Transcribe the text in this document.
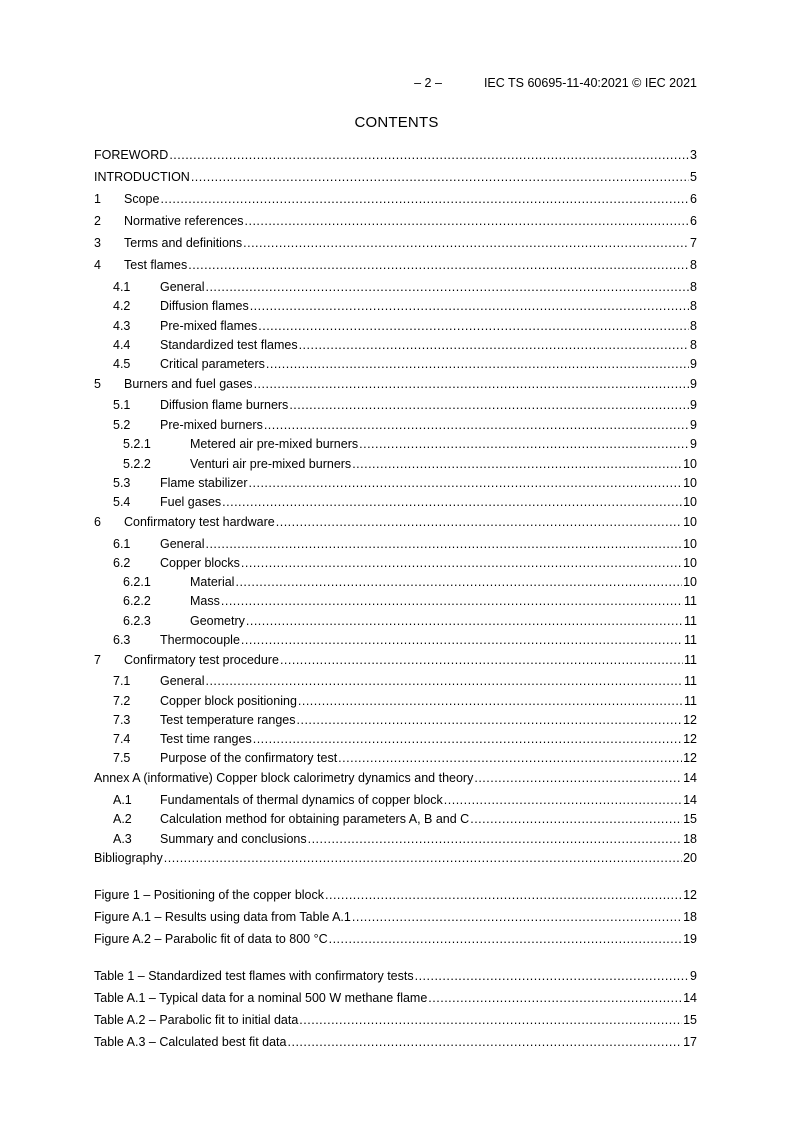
– 2 –	IEC TS 60695-11-40:2021 © IEC 2021
CONTENTS
FOREWORD .....	3
INTRODUCTION .....	5
1	Scope .....	6
2	Normative references .....	6
3	Terms and definitions .....	7
4	Test flames .....	8
4.1	General .....	8
4.2	Diffusion flames .....	8
4.3	Pre-mixed flames .....	8
4.4	Standardized test flames .....	8
4.5	Critical parameters .....	9
5	Burners and fuel gases .....	9
5.1	Diffusion flame burners .....	9
5.2	Pre-mixed burners .....	9
5.2.1	Metered air pre-mixed burners .....	9
5.2.2	Venturi air pre-mixed burners .....	10
5.3	Flame stabilizer .....	10
5.4	Fuel gases .....	10
6	Confirmatory test hardware .....	10
6.1	General .....	10
6.2	Copper blocks .....	10
6.2.1	Material .....	10
6.2.2	Mass .....	11
6.2.3	Geometry .....	11
6.3	Thermocouple .....	11
7	Confirmatory test procedure .....	11
7.1	General .....	11
7.2	Copper block positioning .....	11
7.3	Test temperature ranges .....	12
7.4	Test time ranges .....	12
7.5	Purpose of the confirmatory test .....	12
Annex A (informative) Copper block calorimetry dynamics and theory .....	14
A.1	Fundamentals of thermal dynamics of copper block .....	14
A.2	Calculation method for obtaining parameters A, B and C .....	15
A.3	Summary and conclusions .....	18
Bibliography .....	20
Figure 1 – Positioning of the copper block .....	12
Figure A.1 – Results using data from Table A.1 .....	18
Figure A.2 – Parabolic fit of data to 800 °C .....	19
Table 1 – Standardized test flames with confirmatory tests .....	9
Table A.1 – Typical data for a nominal 500 W methane flame .....	14
Table A.2 – Parabolic fit to initial data .....	15
Table A.3 – Calculated best fit data .....	17
